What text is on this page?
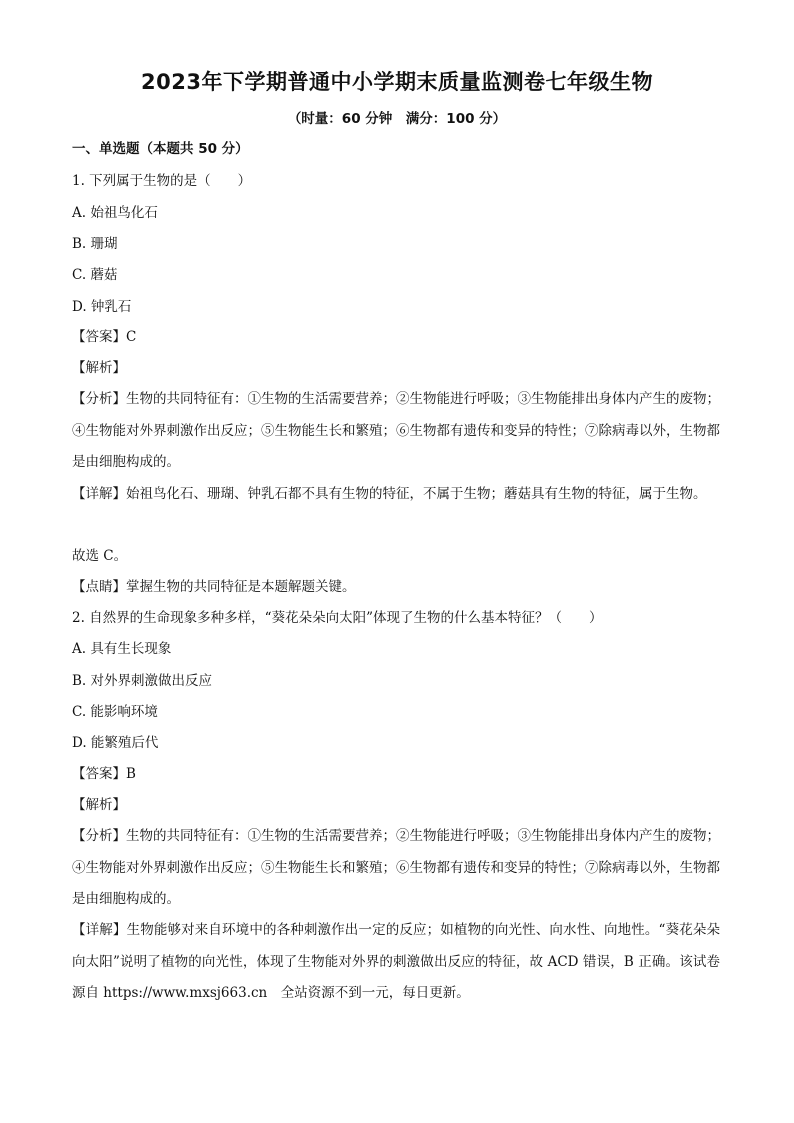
2023年下学期普通中小学期末质量监测卷七年级生物
（时量：60 分钟　满分：100 分）
一、单选题（本题共 50 分）
1. 下列属于生物的是（　　）
A. 始祖鸟化石
B. 珊瑚
C. 蘑菇
D. 钟乳石
【答案】C
【解析】
【分析】生物的共同特征有：①生物的生活需要营养；②生物能进行呼吸；③生物能排出身体内产生的废物；④生物能对外界刺激作出反应；⑤生物能生长和繁殖；⑥生物都有遗传和变异的特性；⑦除病毒以外，生物都是由细胞构成的。
【详解】始祖鸟化石、珊瑚、钟乳石都不具有生物的特征，不属于生物；蘑菇具有生物的特征，属于生物。
故选 C。
【点睛】掌握生物的共同特征是本题解题关键。
2. 自然界的生命现象多种多样，“葵花朵朵向太阳”体现了生物的什么基本特征？（　　）
A. 具有生长现象
B. 对外界刺激做出反应
C. 能影响环境
D. 能繁殖后代
【答案】B
【解析】
【分析】生物的共同特征有：①生物的生活需要营养；②生物能进行呼吸；③生物能排出身体内产生的废物；④生物能对外界刺激作出反应；⑤生物能生长和繁殖；⑥生物都有遗传和变异的特性；⑦除病毒以外，生物都是由细胞构成的。
【详解】生物能够对来自环境中的各种刺激作出一定的反应；如植物的向光性、向水性、向地性。“葵花朵朵向太阳”说明了植物的向光性，体现了生物能对外界的刺激做出反应的特征，故 ACD 错误，B 正确。该试卷源自 https://www.mxsj663.cn　全站资源不到一元，每日更新。
